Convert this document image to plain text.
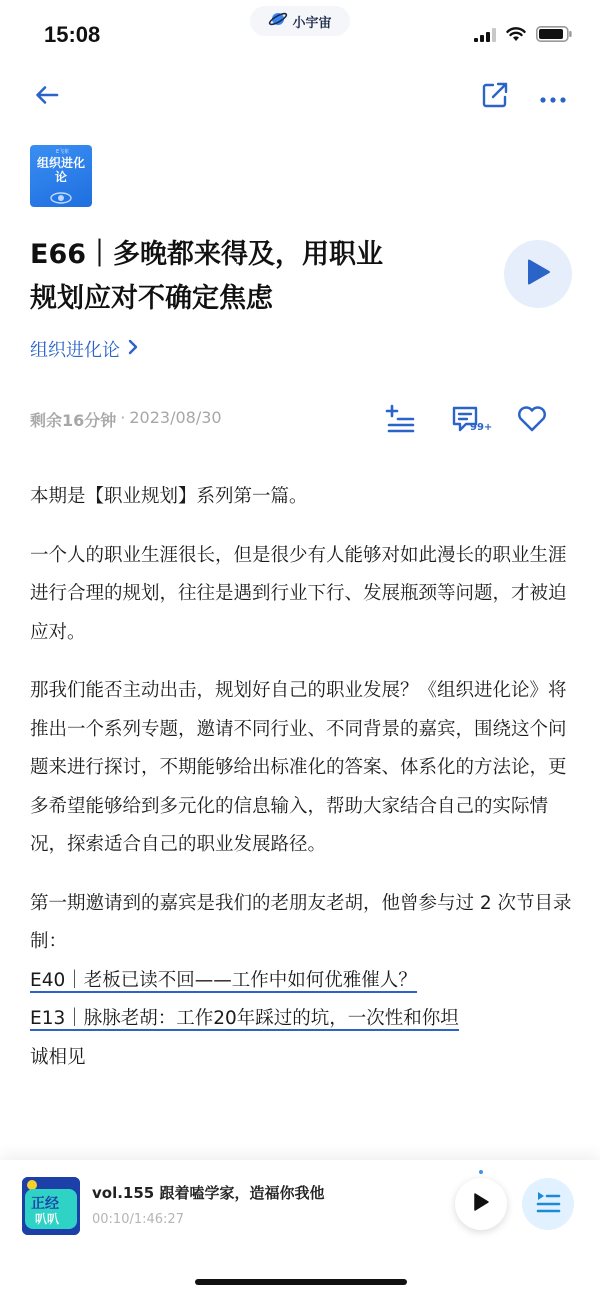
15:08	小宇宙
E飞象
组织进化论
E66｜多晚都来得及，用职业
规划应对不确定焦虑
组织进化论
剩余16分钟 · 2023/08/30
99+

本期是【职业规划】系列第一篇。

一个人的职业生涯很长，但是很少有人能够对如此漫长的职业生涯进行合理的规划，往往是遇到行业下行、发展瓶颈等问题，才被迫应对。

那我们能否主动出击，规划好自己的职业发展？《组织进化论》将推出一个系列专题，邀请不同行业、不同背景的嘉宾，围绕这个问题来进行探讨，不期能够给出标准化的答案、体系化的方法论，更多希望能够给到多元化的信息输入，帮助大家结合自己的实际情况，探索适合自己的职业发展路径。

第一期邀请到的嘉宾是我们的老朋友老胡，他曾参与过 2 次节目录制：
E40｜老板已读不回——工作中如何优雅催人？
E13｜脉脉老胡：工作20年踩过的坑，一次性和你坦
诚相见

正经
叭叭
vol.155 跟着嗑学家，造福你我他
00:10/1:46:27
